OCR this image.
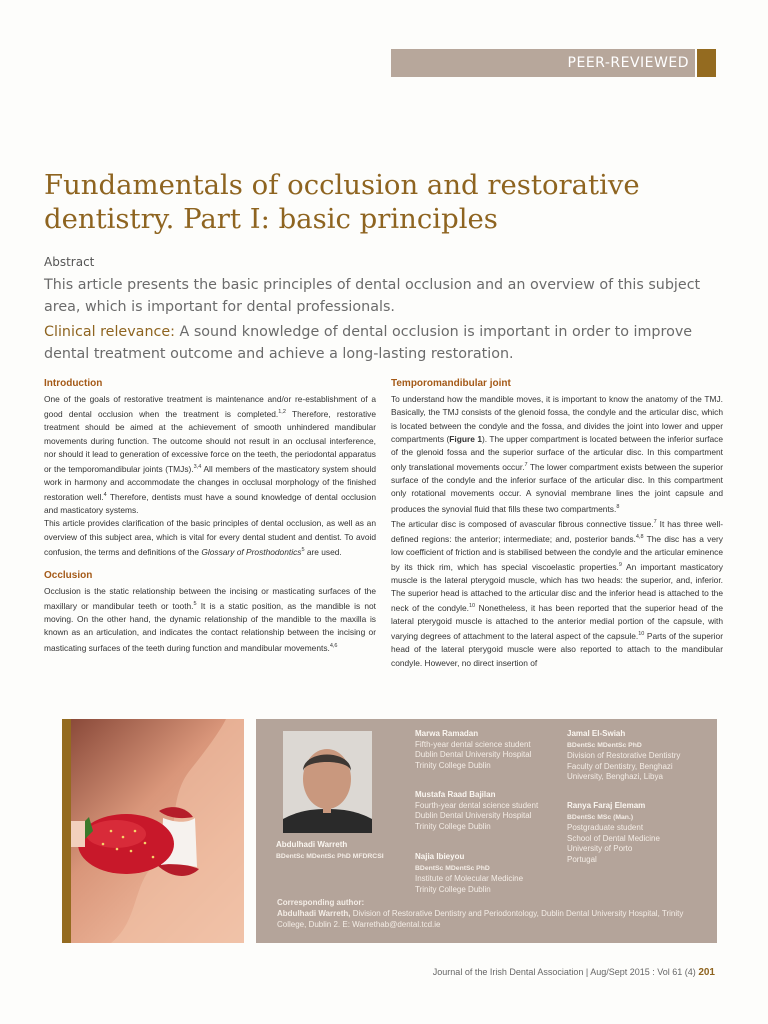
PEER-REVIEWED
Fundamentals of occlusion and restorative dentistry. Part I: basic principles
Abstract

This article presents the basic principles of dental occlusion and an overview of this subject area, which is important for dental professionals.

Clinical relevance: A sound knowledge of dental occlusion is important in order to improve dental treatment outcome and achieve a long-lasting restoration.

Introduction

One of the goals of restorative treatment is maintenance and/or re-establishment of a good dental occlusion when the treatment is completed.$^{1,2}$ Therefore, restorative treatment should be aimed at the achievement of smooth unhindered mandibular movements during function. The outcome should not result in an occlusal interference, nor should it lead to generation of excessive force on the teeth, the periodontal apparatus or the temporomandibular joints (TMJs).$^{3,4}$ All members of the masticatory system should work in harmony and accommodate the changes in occlusal morphology of the finished restoration well.$^4$ Therefore, dentists must have a sound knowledge of dental occlusion and masticatory systems.

This article provides clarification of the basic principles of dental occlusion, as well as an overview of this subject area, which is vital for every dental student and dentist. To avoid confusion, the terms and definitions of the Glossary of Prosthodontics$^5$ are used.

Occlusion

Occlusion is the static relationship between the incising or masticating surfaces of the maxillary or mandibular teeth or tooth.$^5$ It is a static position, as the mandible is not moving. On the other hand, the dynamic relationship of the mandible to the maxilla is known as an articulation, and indicates the contact relationship between the incising or masticating surfaces of the teeth during function and mandibular movements.$^{4,6}$

Temporomandibular joint

To understand how the mandible moves, it is important to know the anatomy of the TMJ. Basically, the TMJ consists of the glenoid fossa, the condyle and the articular disc, which is located between the condyle and the fossa, and divides the joint into lower and upper compartments (Figure 1). The upper compartment is located between the inferior surface of the glenoid fossa and the superior surface of the articular disc. In this compartment only translational movements occur.$^7$ The lower compartment exists between the superior surface of the condyle and the inferior surface of the articular disc. In this compartment only rotational movements occur. A synovial membrane lines the joint capsule and produces the synovial fluid that fills these two compartments.$^8$

The articular disc is composed of avascular fibrous connective tissue.$^7$ It has three well-defined regions: the anterior; intermediate; and, posterior bands.$^{4,8}$ The disc has a very low coefficient of friction and is stabilised between the condyle and the articular eminence by its thick rim, which has special viscoelastic properties.$^9$ An important masticatory muscle is the lateral pterygoid muscle, which has two heads: the superior, and, inferior. The superior head is attached to the articular disc and the inferior head is attached to the neck of the condyle.$^{10}$ Nonetheless, it has been reported that the superior head of the lateral pterygoid muscle is attached to the anterior medial portion of the capsule, with varying degrees of attachment to the lateral aspect of the capsule.$^{10}$ Parts of the superior head of the lateral pterygoid muscle were also reported to attach to the mandibular condyle. However, no direct insertion of

Abdulhadi Warreth
BDentSc MDentSc PhD MFDRCSI
Marwa Ramadan
Fifth-year dental science student
Dublin Dental University Hospital
Trinity College Dublin
Mustafa Raad Bajilan
Fourth-year dental science student
Dublin Dental University Hospital
Trinity College Dublin
Najia Ibieyou
BDentSc MDentSc PhD
Institute of Molecular Medicine
Trinity College Dublin
Jamal El-Swiah
BDentSc MDentSc PhD
Division of Restorative Dentistry
Faculty of Dentistry, Benghazi
University, Benghazi, Libya
Ranya Faraj Elemam
BDentSc MSc (Man.)
Postgraduate student
School of Dental Medicine
University of Porto
Portugal
Corresponding author:
Abdulhadi Warreth, Division of Restorative Dentistry and Periodontology, Dublin Dental University Hospital, Trinity College, Dublin 2. E: Warrethab@dental.tcd.ie
Journal of the Irish Dental Association | Aug/Sept 2015 : Vol 61 (4) 201
